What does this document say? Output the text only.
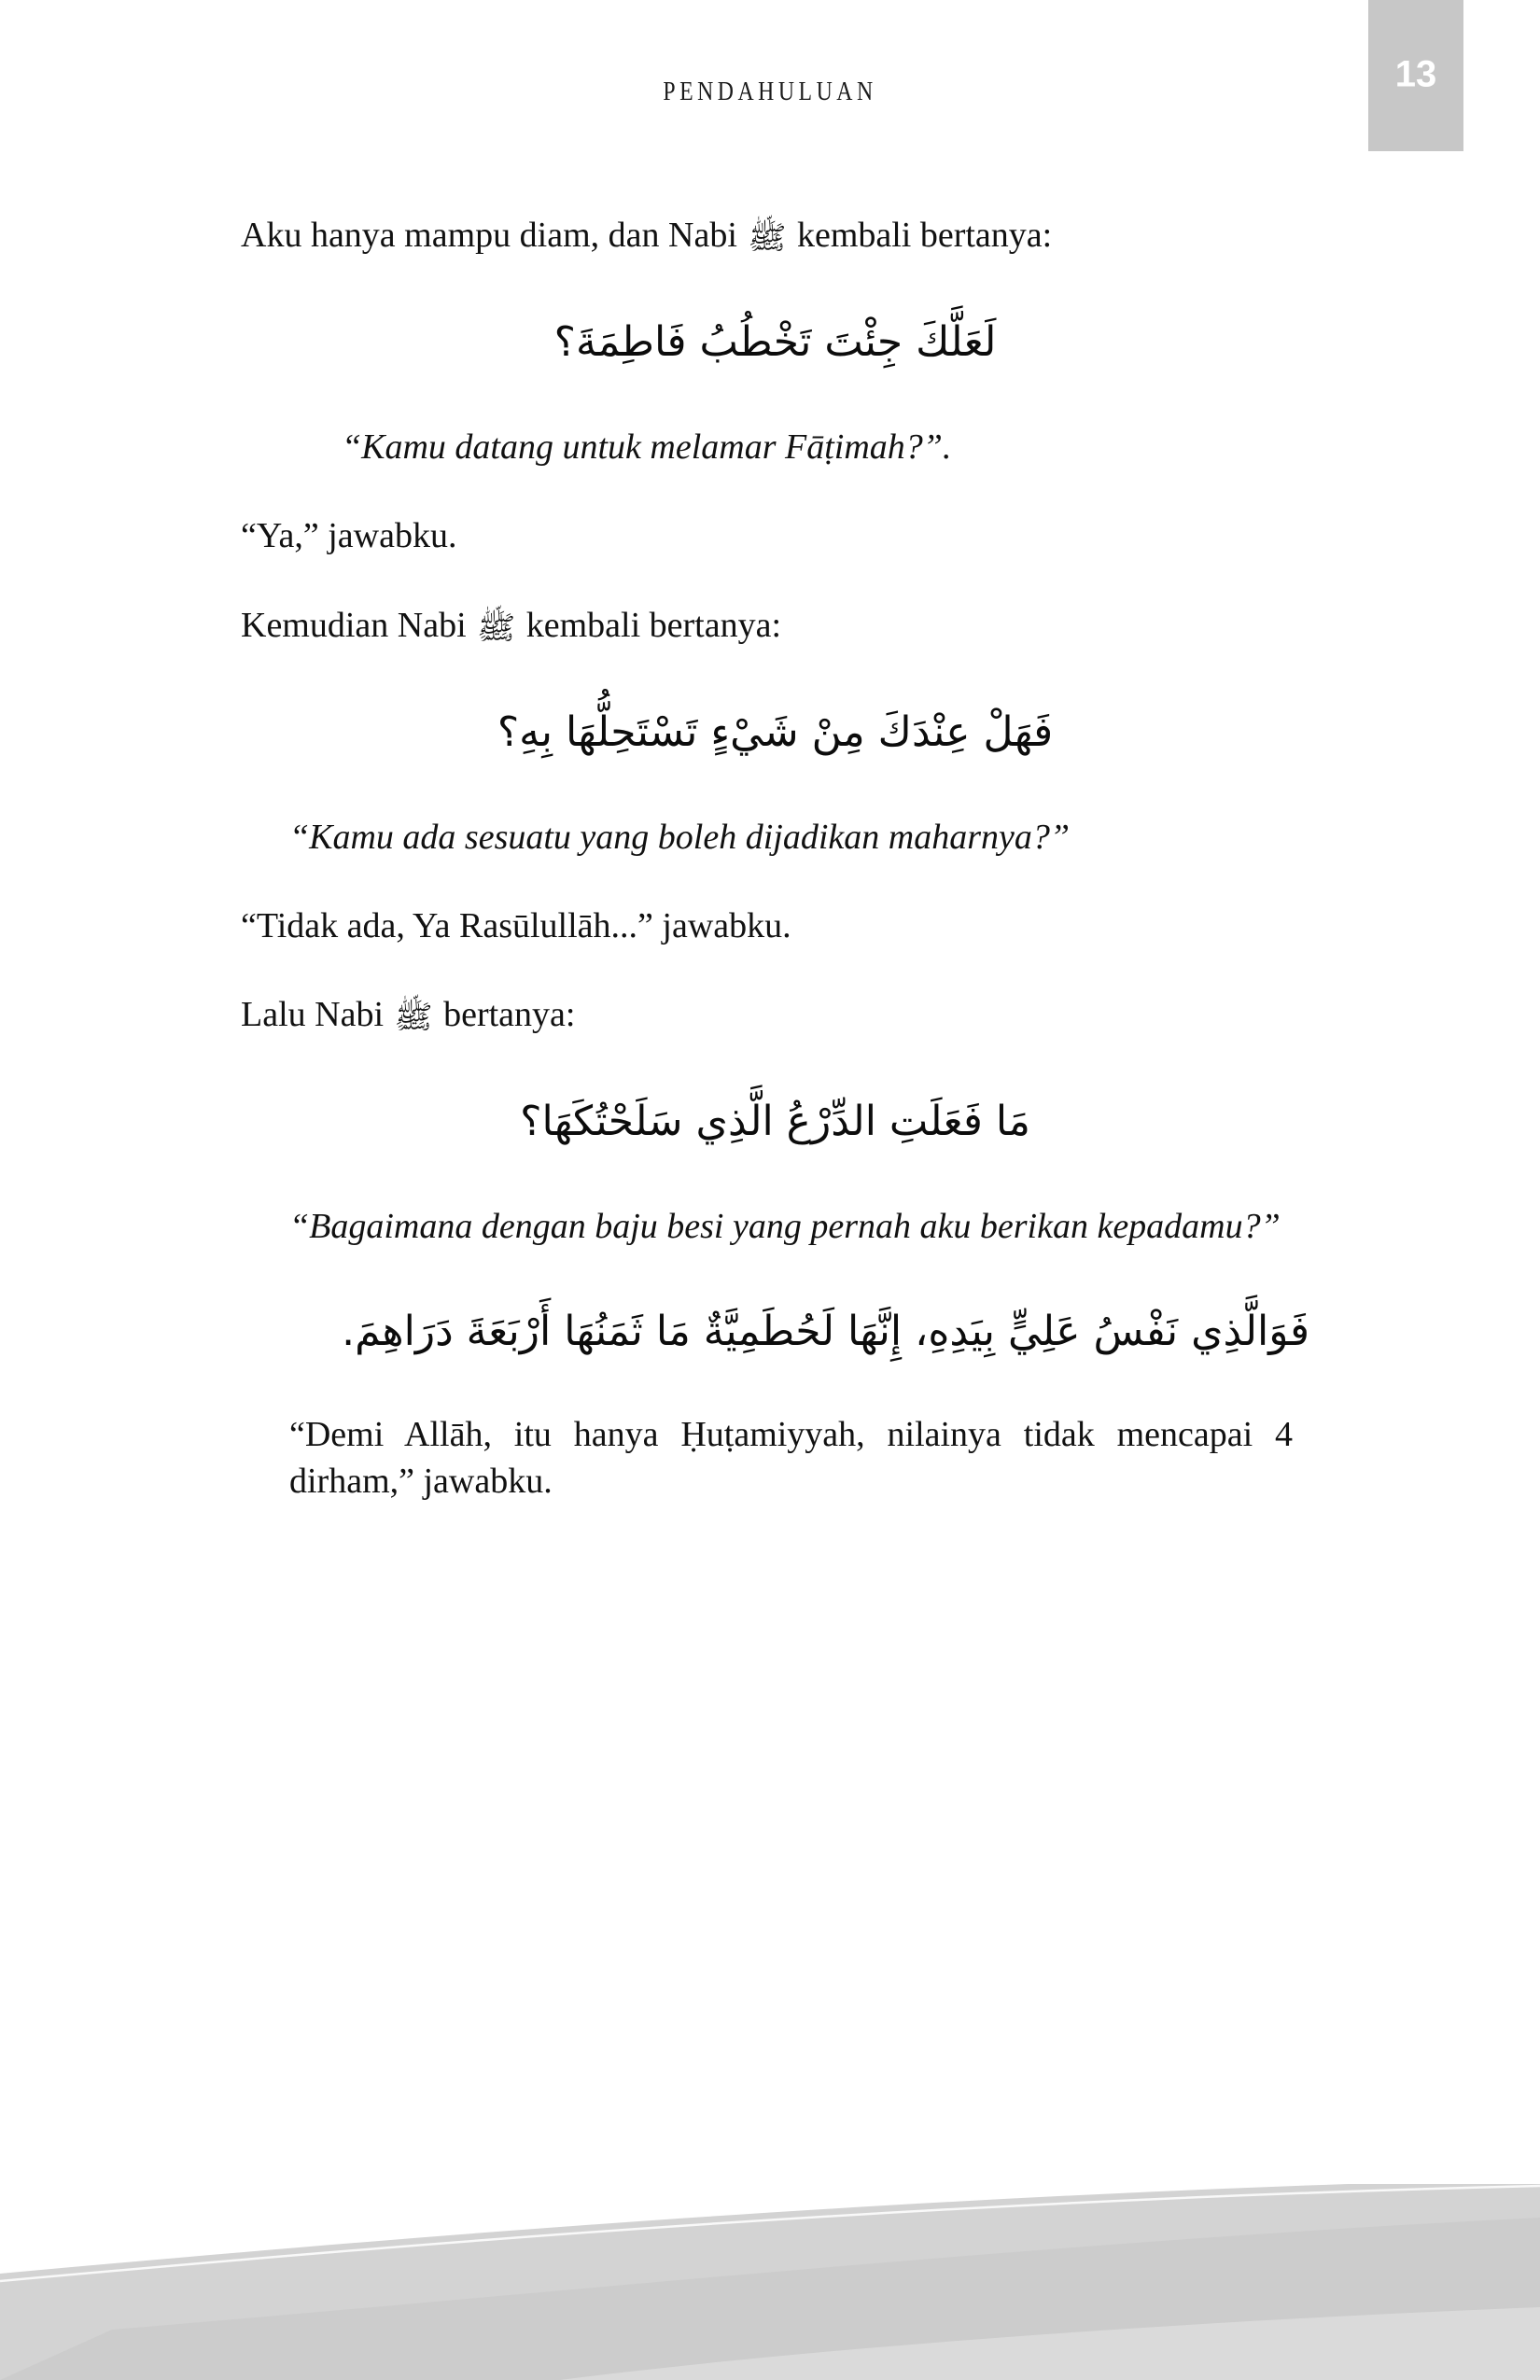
PENDAHULUAN	13

Aku hanya mampu diam, dan Nabi ﷺ kembali bertanya:

لَعَلَّكَ جِئْتَ تَخْطُبُ فَاطِمَةَ؟

“Kamu datang untuk melamar Fāṭimah?”.

“Ya,” jawabku.

Kemudian Nabi ﷺ kembali bertanya:

فَهَلْ عِنْدَكَ مِنْ شَيْءٍ تَسْتَحِلُّهَا بِهِ؟

“Kamu ada sesuatu yang boleh dijadikan maharnya?”

“Tidak ada, Ya Rasūlullāh...” jawabku.

Lalu Nabi ﷺ bertanya:

مَا فَعَلَتِ الدِّرْعُ الَّذِي سَلَحْتُكَهَا؟

“Bagaimana dengan baju besi yang pernah aku berikan kepadamu?”

فَوَالَّذِي نَفْسُ عَلِيٍّ بِيَدِهِ، إِنَّهَا لَحُطَمِيَّةٌ مَا ثَمَنُهَا أَرْبَعَةَ دَرَاهِمَ.

“Demi Allāh, itu hanya Ḥuṭamiyyah, nilainya tidak mencapai 4 dirham,” jawabku.
